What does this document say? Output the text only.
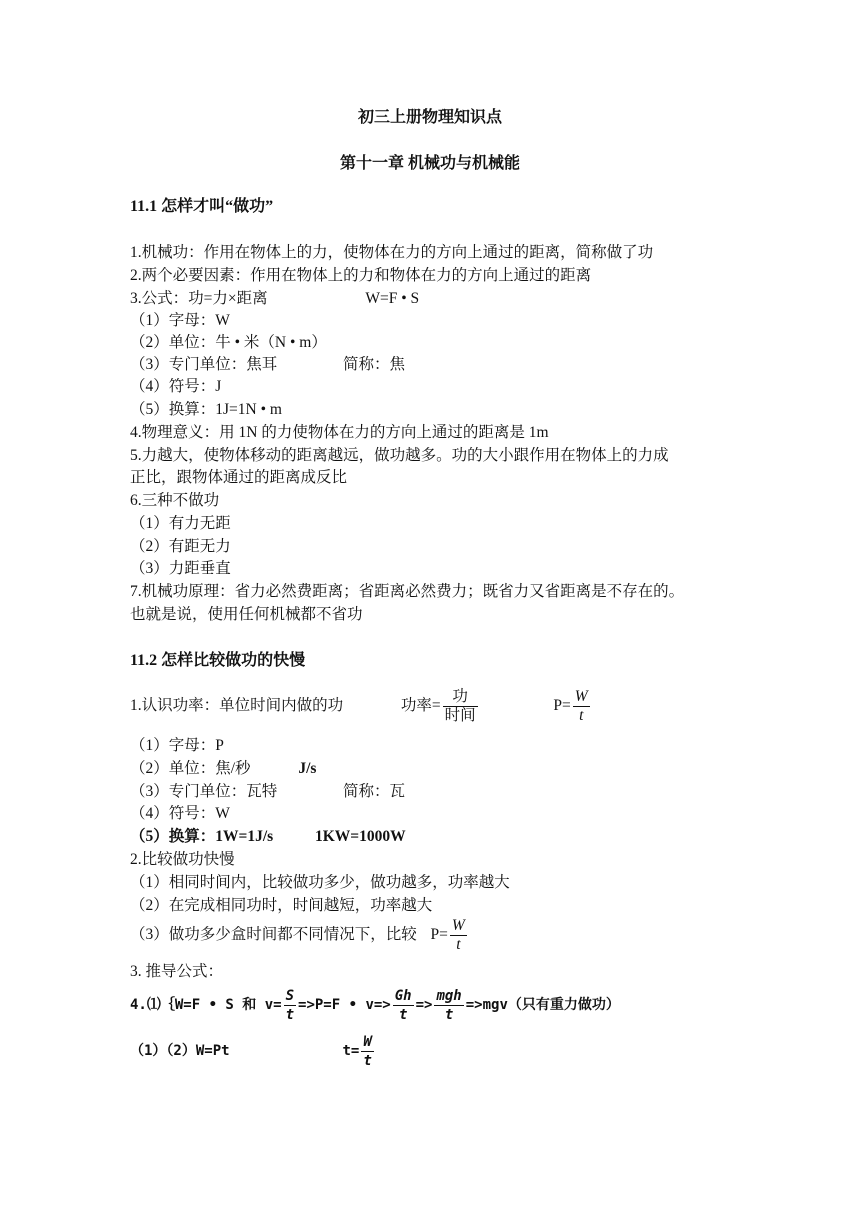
初三上册物理知识点
第十一章 机械功与机械能
11.1 怎样才叫“做功”
1.机械功：作用在物体上的力，使物体在力的方向上通过的距离，简称做了功
2.两个必要因素：作用在物体上的力和物体在力的方向上通过的距离
3.公式：功=力×距离	W=F • S
（1）字母：W
（2）单位：牛 • 米（N • m）
（3）专门单位：焦耳	简称：焦
（4）符号：J
（5）换算：1J=1N • m
4.物理意义：用 1N 的力使物体在力的方向上通过的距离是 1m
5.力越大，使物体移动的距离越远，做功越多。功的大小跟作用在物体上的力成
正比，跟物体通过的距离成反比
6.三种不做功
（1）有力无距
（2）有距无力
（3）力距垂直
7.机械功原理：省力必然费距离；省距离必然费力；既省力又省距离是不存在的。
也就是说，使用任何机械都不省功
11.2 怎样比较做功的快慢
1.认识功率：单位时间内做的功	功率= $\frac{\text{功}}{\text{时间}}$	$P= \frac{W}{t}$
（1）字母：P
（2）单位：焦/秒	J/s
（3）专门单位：瓦特	简称：瓦
（4）符号：W
（5）换算：1W=1J/s	1KW=1000W
2.比较做功快慢
（1）相同时间内，比较做功多少，做功越多，功率越大
（2）在完成相同功时，时间越短，功率越大
（3）做功多少盒时间都不同情况下，比较 $P= \frac{W}{t}$
3. 推导公式：
4.⑴｛W=F • S 和 $v= \frac{S}{t} =>P=F$ • $v=> \frac{Gh}{t} => \frac{\text{mgh}}{t} =>mgv$（只有重力做功）
（1）（2）W=Pt	$t= \frac{W}{t}$
